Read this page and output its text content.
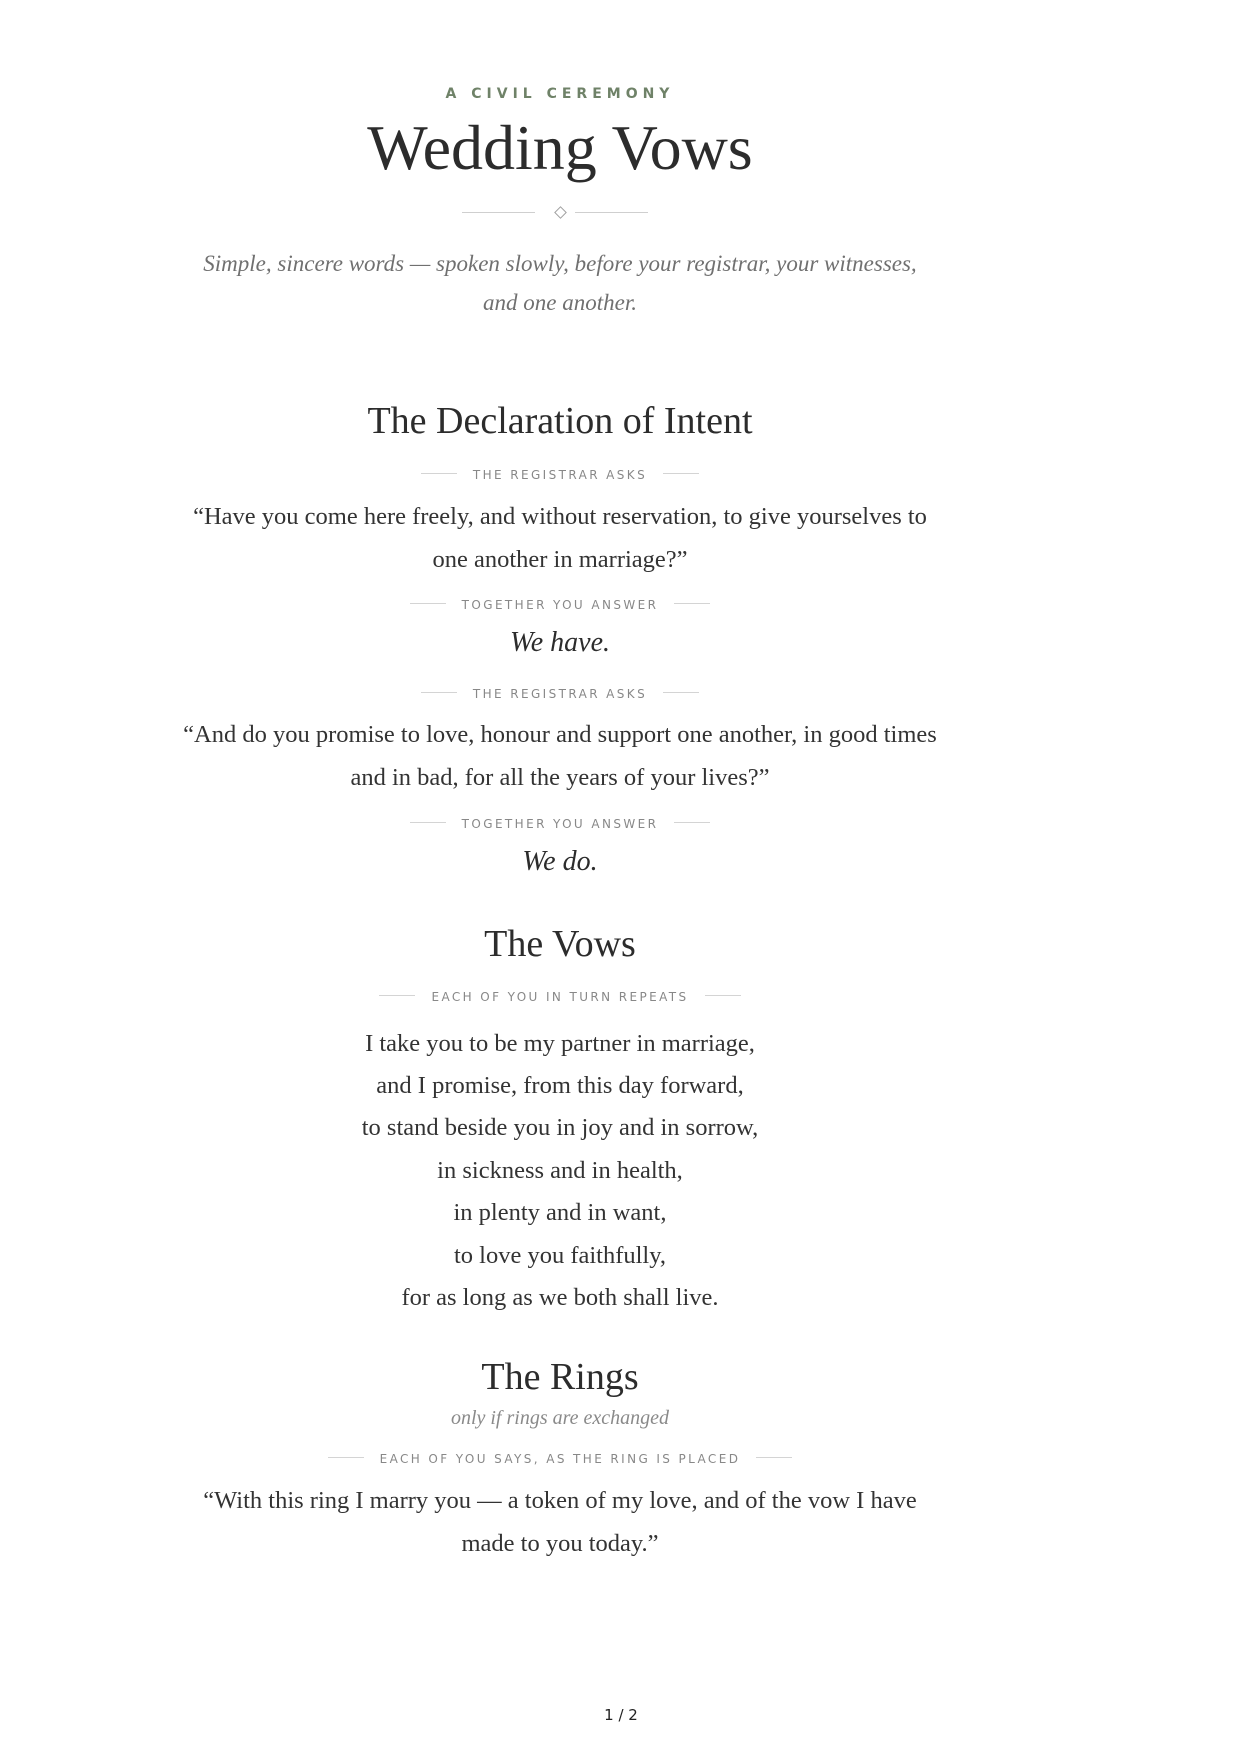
A CIVIL CEREMONY
Wedding Vows
Simple, sincere words — spoken slowly, before your registrar, your witnesses, and one another.
The Declaration of Intent
THE REGISTRAR ASKS
“Have you come here freely, and without reservation, to give yourselves to one another in marriage?”
TOGETHER YOU ANSWER
We have.
THE REGISTRAR ASKS
“And do you promise to love, honour and support one another, in good times and in bad, for all the years of your lives?”
TOGETHER YOU ANSWER
We do.
The Vows
EACH OF YOU IN TURN REPEATS
I take you to be my partner in marriage,
and I promise, from this day forward,
to stand beside you in joy and in sorrow,
in sickness and in health,
in plenty and in want,
to love you faithfully,
for as long as we both shall live.
The Rings
only if rings are exchanged
EACH OF YOU SAYS, AS THE RING IS PLACED
“With this ring I marry you — a token of my love, and of the vow I have made to you today.”
1 / 2
